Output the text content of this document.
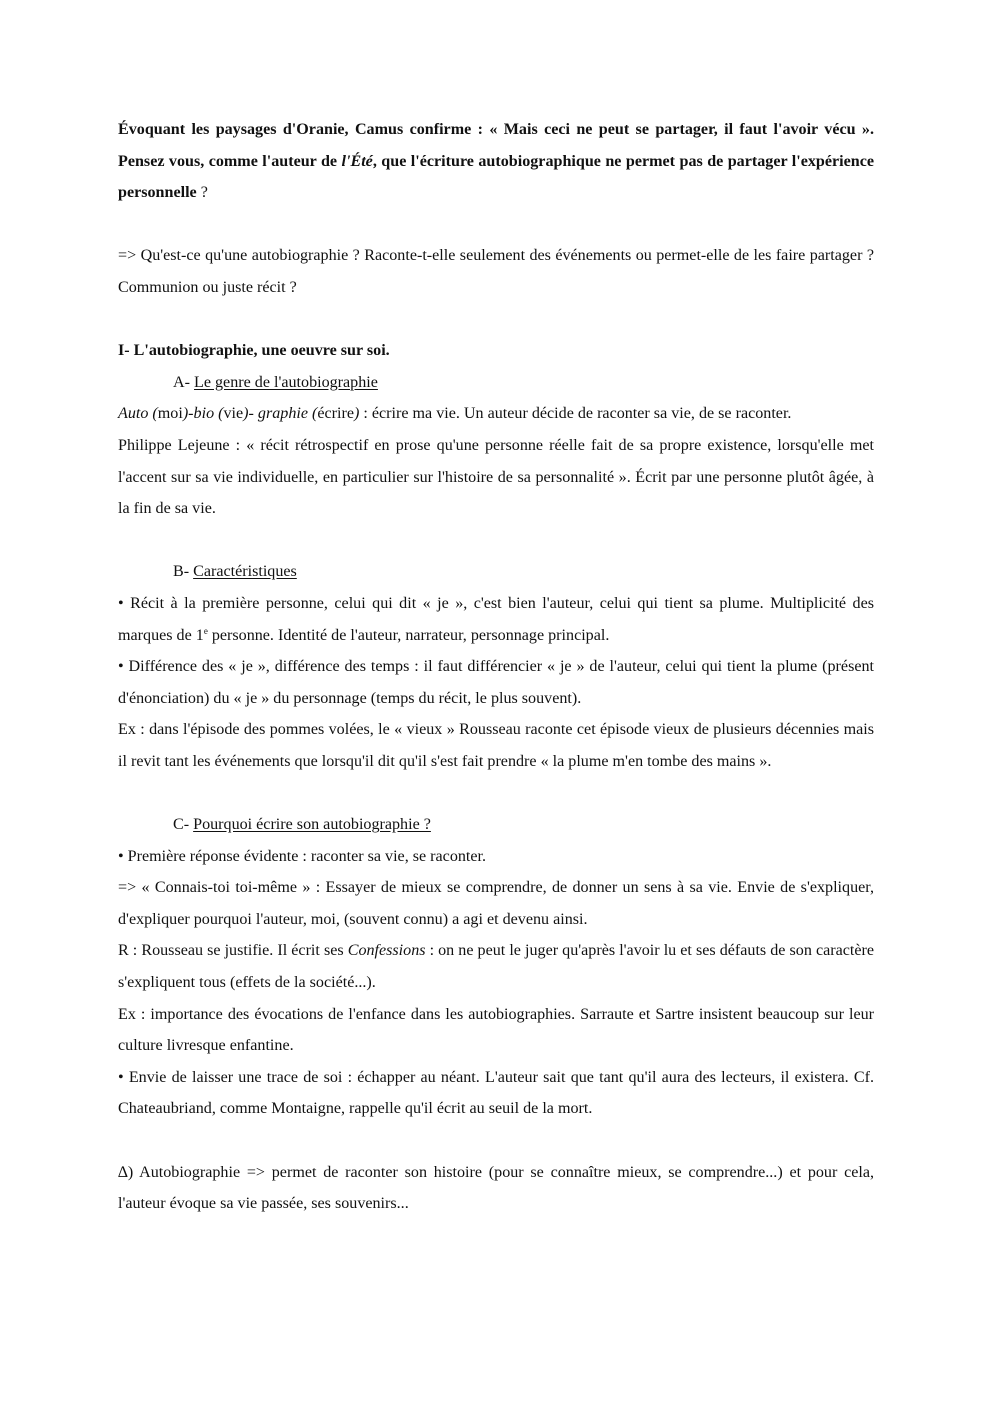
Évoquant les paysages d'Oranie, Camus confirme : « Mais ceci ne peut se partager, il faut l'avoir vécu ». Pensez vous, comme l'auteur de l'Été, que l'écriture autobiographique ne permet pas de partager l'expérience personnelle ?

=> Qu'est-ce qu'une autobiographie ? Raconte-t-elle seulement des événements ou permet-elle de les faire partager ? Communion ou juste récit ?

I- L'autobiographie, une oeuvre sur soi.

A- Le genre de l'autobiographie

Auto (moi)-bio (vie)- graphie (écrire) : écrire ma vie. Un auteur décide de raconter sa vie, de se raconter.

Philippe Lejeune : « récit rétrospectif en prose qu'une personne réelle fait de sa propre existence, lorsqu'elle met l'accent sur sa vie individuelle, en particulier sur l'histoire de sa personnalité ». Écrit par une personne plutôt âgée, à la fin de sa vie.

B- Caractéristiques

• Récit à la première personne, celui qui dit « je », c'est bien l'auteur, celui qui tient sa plume. Multiplicité des marques de 1e personne. Identité de l'auteur, narrateur, personnage principal.

• Différence des « je », différence des temps : il faut différencier « je » de l'auteur, celui qui tient la plume (présent d'énonciation) du « je » du personnage (temps du récit, le plus souvent).

Ex : dans l'épisode des pommes volées, le « vieux » Rousseau raconte cet épisode vieux de plusieurs décennies mais il revit tant les événements que lorsqu'il dit qu'il s'est fait prendre « la plume m'en tombe des mains ».

C- Pourquoi écrire son autobiographie ?

• Première réponse évidente : raconter sa vie, se raconter.

=> « Connais-toi toi-même » : Essayer de mieux se comprendre, de donner un sens à sa vie. Envie de s'expliquer, d'expliquer pourquoi l'auteur, moi, (souvent connu) a agi et devenu ainsi.

R : Rousseau se justifie. Il écrit ses Confessions : on ne peut le juger qu'après l'avoir lu et ses défauts de son caractère s'expliquent tous (effets de la société...).

Ex : importance des évocations de l'enfance dans les autobiographies. Sarraute et Sartre insistent beaucoup sur leur culture livresque enfantine.

• Envie de laisser une trace de soi : échapper au néant. L'auteur sait que tant qu'il aura des lecteurs, il existera. Cf. Chateaubriand, comme Montaigne, rappelle qu'il écrit au seuil de la mort.

∆) Autobiographie => permet de raconter son histoire (pour se connaître mieux, se comprendre...) et pour cela, l'auteur évoque sa vie passée, ses souvenirs...
